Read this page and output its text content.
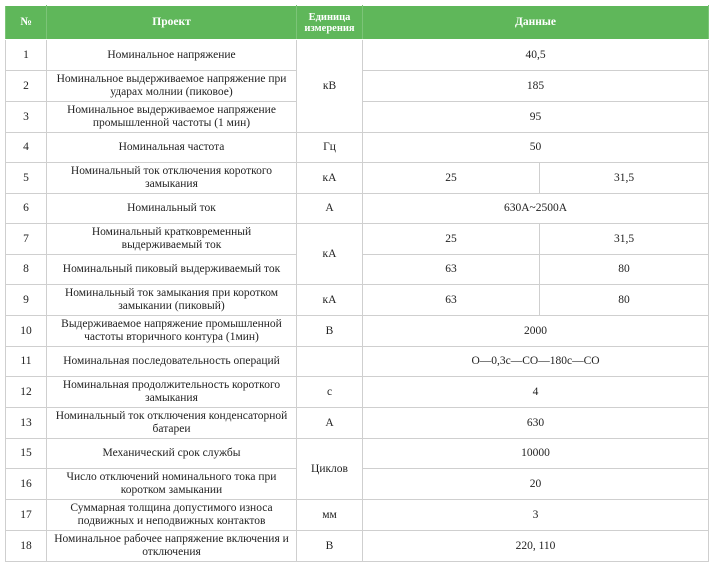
№	Проект	Единица измерения	Данные	
1	Номинальное напряжение	кВ	40,5	
2	Номинальное выдерживаемое напряжение при ударах молнии (пиковое)		185	
3	Номинальное выдерживаемое напряжение промышленной частоты (1 мин)		95	
4	Номинальная частота	Гц	50	
5	Номинальный ток отключения короткого замыкания	кА	25	31,5
6	Номинальный ток	А	630А~2500А	
7	Номинальный кратковременный выдерживаемый ток	кА	25	31,5
8	Номинальный пиковый выдерживаемый ток		63	80
9	Номинальный ток замыкания при коротком замыкании (пиковый)	кА	63	80
10	Выдерживаемое напряжение промышленной частоты вторичного контура (1мин)	В	2000	
11	Номинальная последовательность операций		O—0,3с—CO—180с—CO	
12	Номинальная продолжительность короткого замыкания	с	4	
13	Номинальный ток отключения конденсаторной батареи	А	630	
15	Механический срок службы	Циклов	10000	
16	Число отключений номинального тока при коротком замыкании		20	
17	Суммарная толщина допустимого износа подвижных и неподвижных контактов	мм	3	
18	Номинальное рабочее напряжение включения и отключения	В	220, 110	
